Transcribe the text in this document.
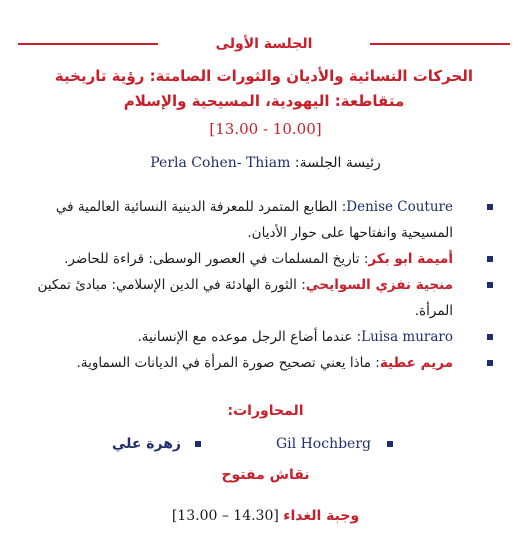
الجلسة الأولى
الحركات النسائية والأديان والثورات الصامتة: رؤية تاريخية
متقاطعة: اليهودية، المسيحية والإسلام
[13.00 - 10.00]
رئيسة الجلسة: Perla Cohen- Thiam
Denise Couture: الطابع المتمرد للمعرفة الدينية النسائية العالمية في المسيحية وانفتاحها على حوار الأديان.
أميمة ابو بكر: تاريخ المسلمات في العصور الوسطى: قراءة للحاضر.
منجية نفزي السوايحي: الثورة الهادئة في الدين الإسلامي: مبادئ تمكين المرأة.
Luisa muraro: عندما أضاع الرجل موعده مع الإنسانية.
مريم عطية: ماذا يعني تصحيح صورة المرأة في الديانات السماوية.
المحاورات:
Gil Hochberg
زهرة علي
نقاش مفتوح
وجبة الغداء [13.00 – 14.30]
